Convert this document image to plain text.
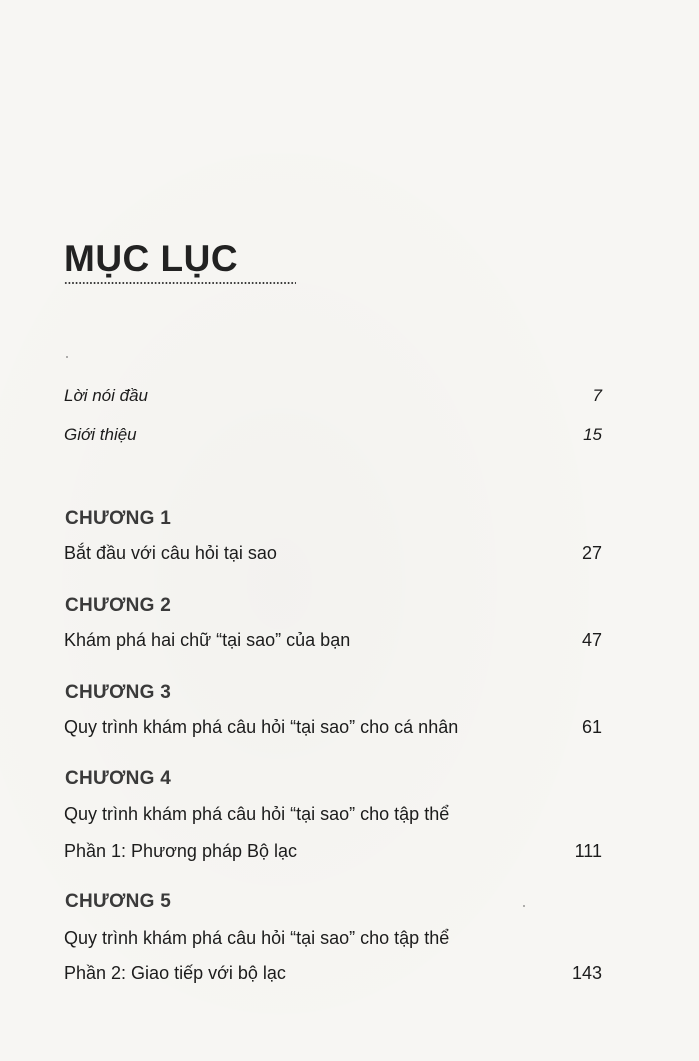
MỤC LỤC
Lời nói đầu	7
Giới thiệu	15
CHƯƠNG 1
Bắt đầu với câu hỏi tại sao	27
CHƯƠNG 2
Khám phá hai chữ “tại sao” của bạn	47
CHƯƠNG 3
Quy trình khám phá câu hỏi “tại sao” cho cá nhân	61
CHƯƠNG 4
Quy trình khám phá câu hỏi “tại sao” cho tập thể
Phần 1: Phương pháp Bộ lạc	111
CHƯƠNG 5
Quy trình khám phá câu hỏi “tại sao” cho tập thể
Phần 2: Giao tiếp với bộ lạc	143
